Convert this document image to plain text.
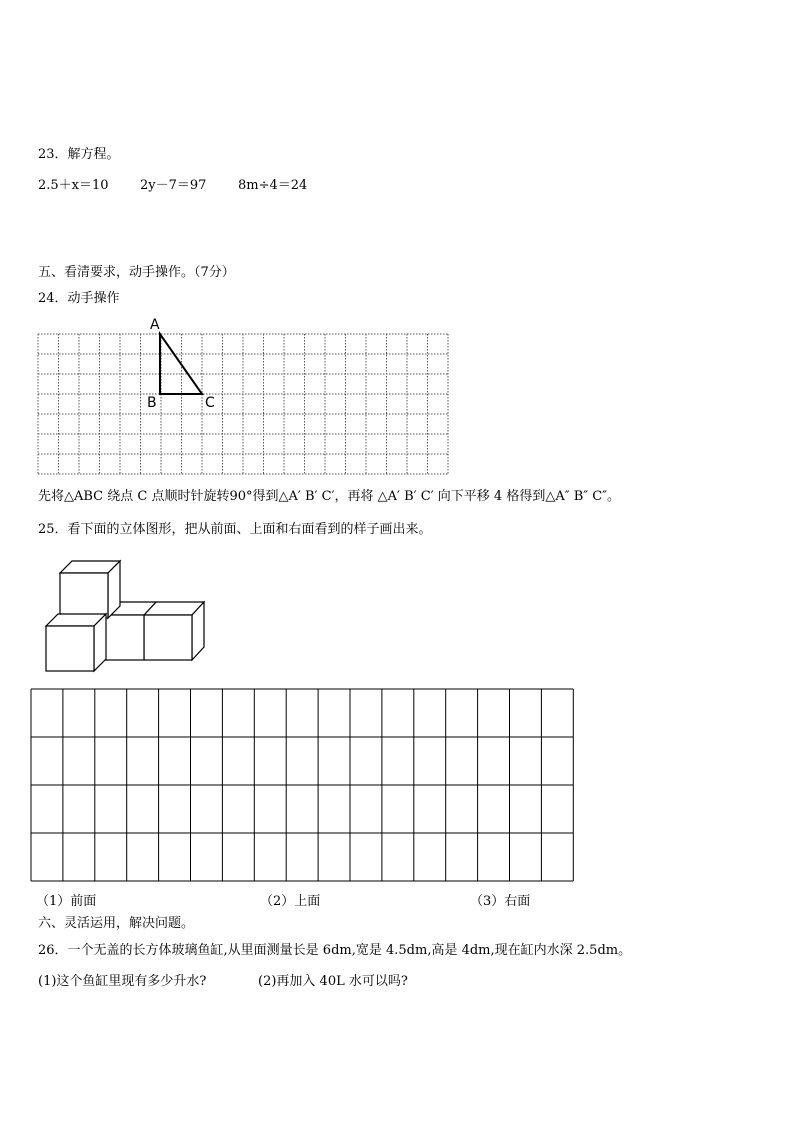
23．解方程。
2.5＋x＝10 2y－7＝97 8m÷4＝24
五、看清要求，动手操作。（7分）
24．动手操作
A
B	C
先将△ABC 绕点 C 点顺时针旋转90°得到△A′ B′ C′，再将 △A′ B′ C′ 向下平移 4 格得到△A″ B″ C″。
25．看下面的立体图形，把从前面、上面和右面看到的样子画出来。
（1）前面	（2）上面	（3）右面
六、灵活运用，解决问题。
26．一个无盖的长方体玻璃鱼缸,从里面测量长是 6dm,宽是 4.5dm,高是 4dm,现在缸内水深 2.5dm。
(1)这个鱼缸里现有多少升水?	(2)再加入 40L 水可以吗?
